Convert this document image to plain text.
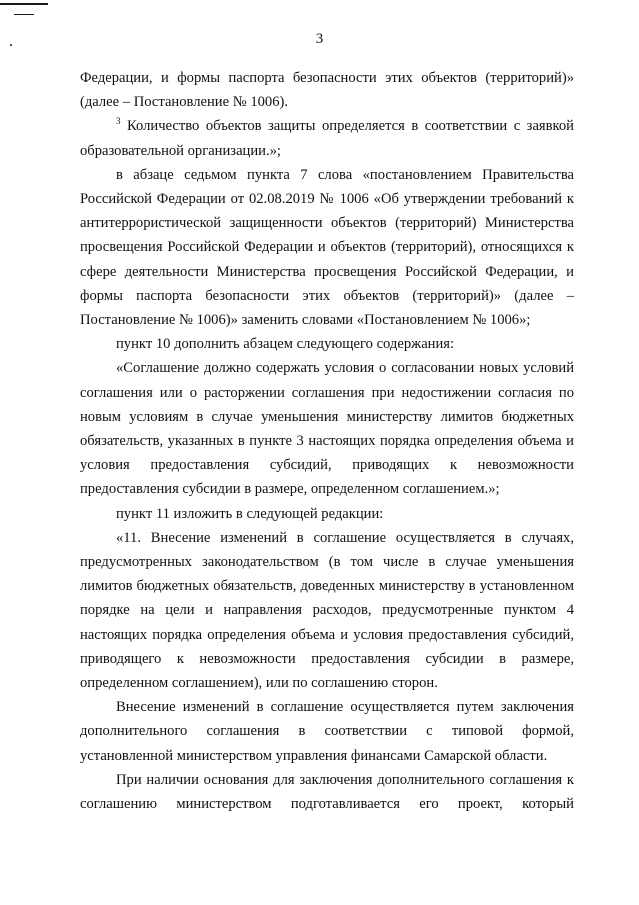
3

Федерации, и формы паспорта безопасности этих объектов (территорий)» (далее – Постановление № 1006).

$^3$ Количество объектов защиты определяется в соответствии с заявкой образовательной организации.»;

в абзаце седьмом пункта 7 слова «постановлением Правительства Российской Федерации от 02.08.2019 № 1006 «Об утверждении требований к антитеррористической защищенности объектов (территорий) Министерства просвещения Российской Федерации и объектов (территорий), относящихся к сфере деятельности Министерства просвещения Российской Федерации, и формы паспорта безопасности этих объектов (территорий)» (далее – Постановление № 1006)» заменить словами «Постановлением № 1006»;

пункт 10 дополнить абзацем следующего содержания:

«Соглашение должно содержать условия о согласовании новых условий соглашения или о расторжении соглашения при недостижении согласия по новым условиям в случае уменьшения министерству лимитов бюджетных обязательств, указанных в пункте 3 настоящих порядка определения объема и условия предоставления субсидий, приводящих к невозможности предоставления субсидии в размере, определенном соглашением.»;

пункт 11 изложить в следующей редакции:

«11. Внесение изменений в соглашение осуществляется в случаях, предусмотренных законодательством (в том числе в случае уменьшения лимитов бюджетных обязательств, доведенных министерству в установленном порядке на цели и направления расходов, предусмотренные пунктом 4 настоящих порядка определения объема и условия предоставления субсидий, приводящего к невозможности предоставления субсидии в размере, определенном соглашением), или по соглашению сторон.

Внесение изменений в соглашение осуществляется путем заключения дополнительного соглашения в соответствии с типовой формой, установленной министерством управления финансами Самарской области.

При наличии основания для заключения дополнительного соглашения к соглашению министерством подготавливается его проект, который
